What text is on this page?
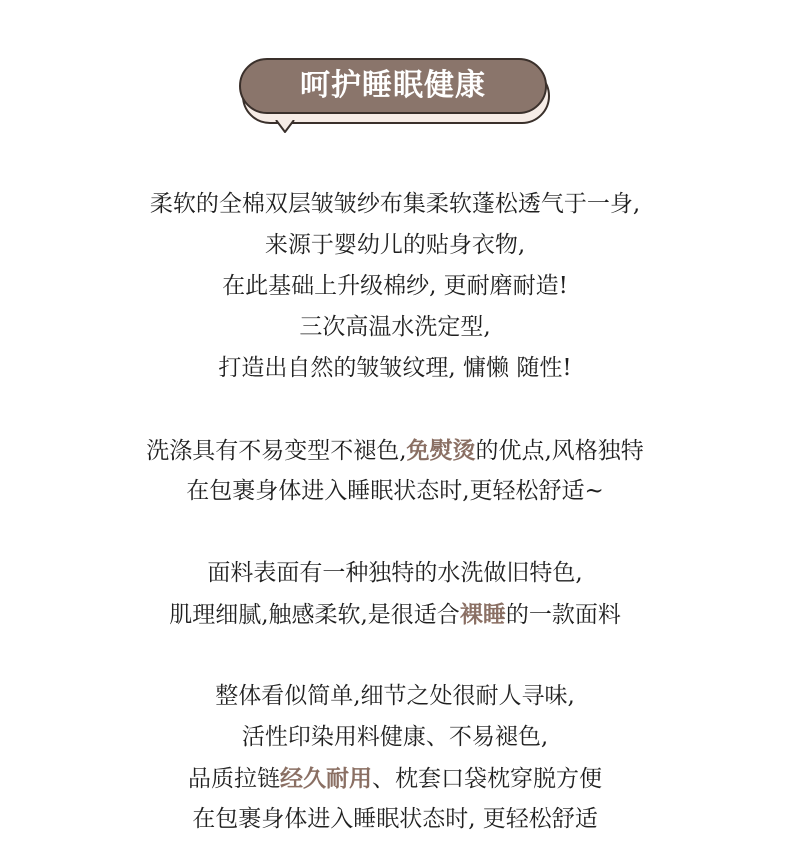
呵护睡眠健康
柔软的全棉双层皱皱纱布集柔软蓬松透气于一身,
来源于婴幼儿的贴身衣物,
在此基础上升级棉纱, 更耐磨耐造!
三次高温水洗定型,
打造出自然的皱皱纹理, 慵懒 随性!
洗涤具有不易变型不褪色,免熨烫的优点,风格独特
在包裹身体进入睡眠状态时,更轻松舒适~
面料表面有一种独特的水洗做旧特色,
肌理细腻,触感柔软,是很适合裸睡的一款面料
整体看似简单,细节之处很耐人寻味,
活性印染用料健康、不易褪色,
品质拉链经久耐用、枕套口袋枕穿脱方便
在包裹身体进入睡眠状态时, 更轻松舒适
